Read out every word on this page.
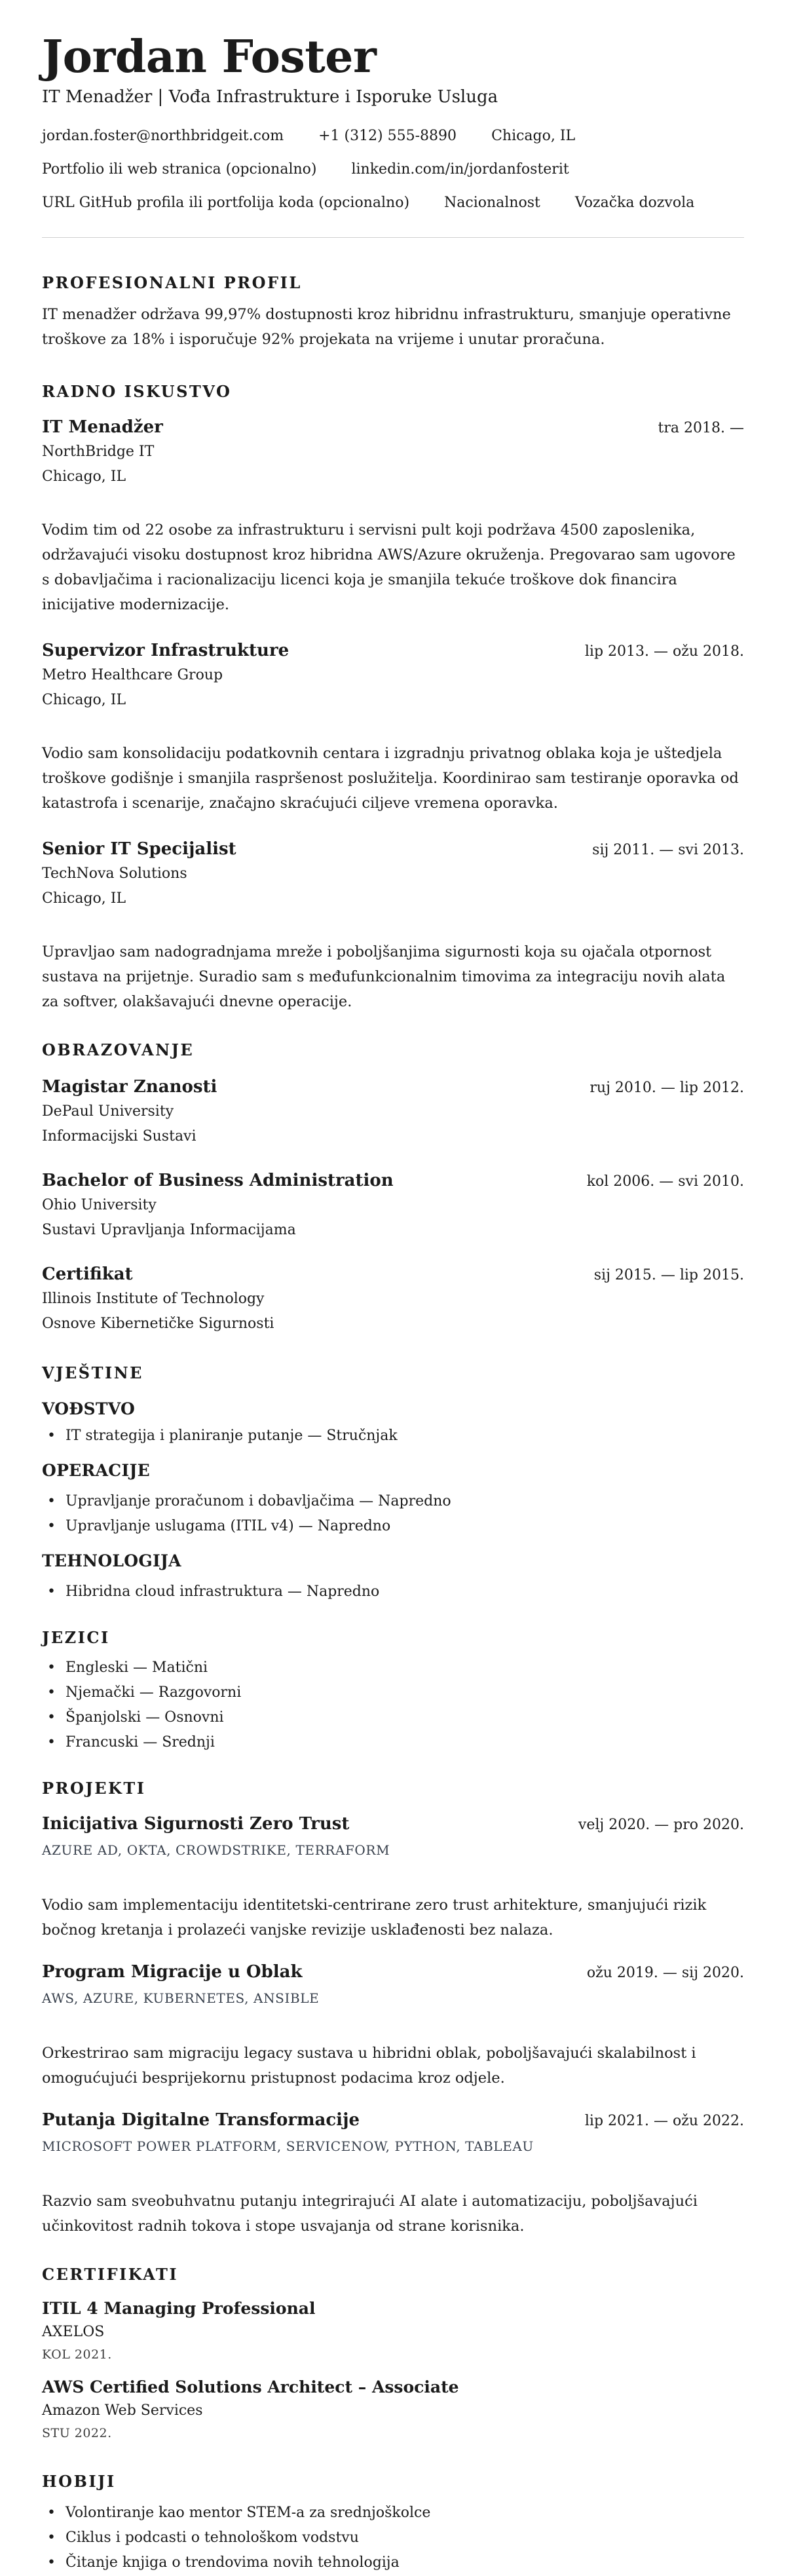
Jordan Foster
IT Menadžer | Vođa Infrastrukture i Isporuke Usluga
jordan.foster@northbridgeit.com +1 (312) 555-8890 Chicago, IL
Portfolio ili web stranica (opcionalno) linkedin.com/in/jordanfosterit
URL GitHub profila ili portfolija koda (opcionalno) Nacionalnost Vozačka dozvola
PROFESIONALNI PROFIL

IT menadžer održava 99,97% dostupnosti kroz hibridnu infrastrukturu, smanjuje operativne troškove za 18% i isporučuje 92% projekata na vrijeme i unutar proračuna.

RADNO ISKUSTVO
IT Menadžer	tra 2018. —
NorthBridge IT
Chicago, IL

Vodim tim od 22 osobe za infrastrukturu i servisni pult koji podržava 4500 zaposlenika, održavajući visoku dostupnost kroz hibridna AWS/Azure okruženja. Pregovarao sam ugovore s dobavljačima i racionalizaciju licenci koja je smanjila tekuće troškove dok financira inicijative modernizacije.

Supervizor Infrastrukture	lip 2013. — ožu 2018.
Metro Healthcare Group
Chicago, IL

Vodio sam konsolidaciju podatkovnih centara i izgradnju privatnog oblaka koja je uštedjela troškove godišnje i smanjila raspršenost poslužitelja. Koordinirao sam testiranje oporavka od katastrofa i scenarije, značajno skraćujući ciljeve vremena oporavka.

Senior IT Specijalist	sij 2011. — svi 2013.
TechNova Solutions
Chicago, IL

Upravljao sam nadogradnjama mreže i poboljšanjima sigurnosti koja su ojačala otpornost sustava na prijetnje. Suradio sam s međufunkcionalnim timovima za integraciju novih alata za softver, olakšavajući dnevne operacije.

OBRAZOVANJE
Magistar Znanosti	ruj 2010. — lip 2012.
DePaul University
Informacijski Sustavi
Bachelor of Business Administration	kol 2006. — svi 2010.
Ohio University
Sustavi Upravljanja Informacijama
Certifikat	sij 2015. — lip 2015.
Illinois Institute of Technology
Osnove Kibernetičke Sigurnosti
VJEŠTINE
VOĐSTVO
• IT strategija i planiranje putanje — Stručnjak
OPERACIJE
• Upravljanje proračunom i dobavljačima — Napredno
• Upravljanje uslugama (ITIL v4) — Napredno
TEHNOLOGIJA
• Hibridna cloud infrastruktura — Napredno
JEZICI
• Engleski — Matični
• Njemački — Razgovorni
• Španjolski — Osnovni
• Francuski — Srednji
PROJEKTI
Inicijativa Sigurnosti Zero Trust	velj 2020. — pro 2020.
AZURE AD, OKTA, CROWDSTRIKE, TERRAFORM

Vodio sam implementaciju identitetski-centrirane zero trust arhitekture, smanjujući rizik bočnog kretanja i prolazeći vanjske revizije usklađenosti bez nalaza.

Program Migracije u Oblak	ožu 2019. — sij 2020.
AWS, AZURE, KUBERNETES, ANSIBLE

Orkestrirao sam migraciju legacy sustava u hibridni oblak, poboljšavajući skalabilnost i omogućujući besprijekornu pristupnost podacima kroz odjele.

Putanja Digitalne Transformacije	lip 2021. — ožu 2022.
MICROSOFT POWER PLATFORM, SERVICENOW, PYTHON, TABLEAU

Razvio sam sveobuhvatnu putanju integrirajući AI alate i automatizaciju, poboljšavajući učinkovitost radnih tokova i stope usvajanja od strane korisnika.

CERTIFIKATI
ITIL 4 Managing Professional
AXELOS
KOL 2021.
AWS Certified Solutions Architect – Associate
Amazon Web Services
STU 2022.
HOBIJI
• Volontiranje kao mentor STEM-a za srednjoškolce
• Ciklus i podcasti o tehnološkom vodstvu
• Čitanje knjiga o trendovima novih tehnologija
